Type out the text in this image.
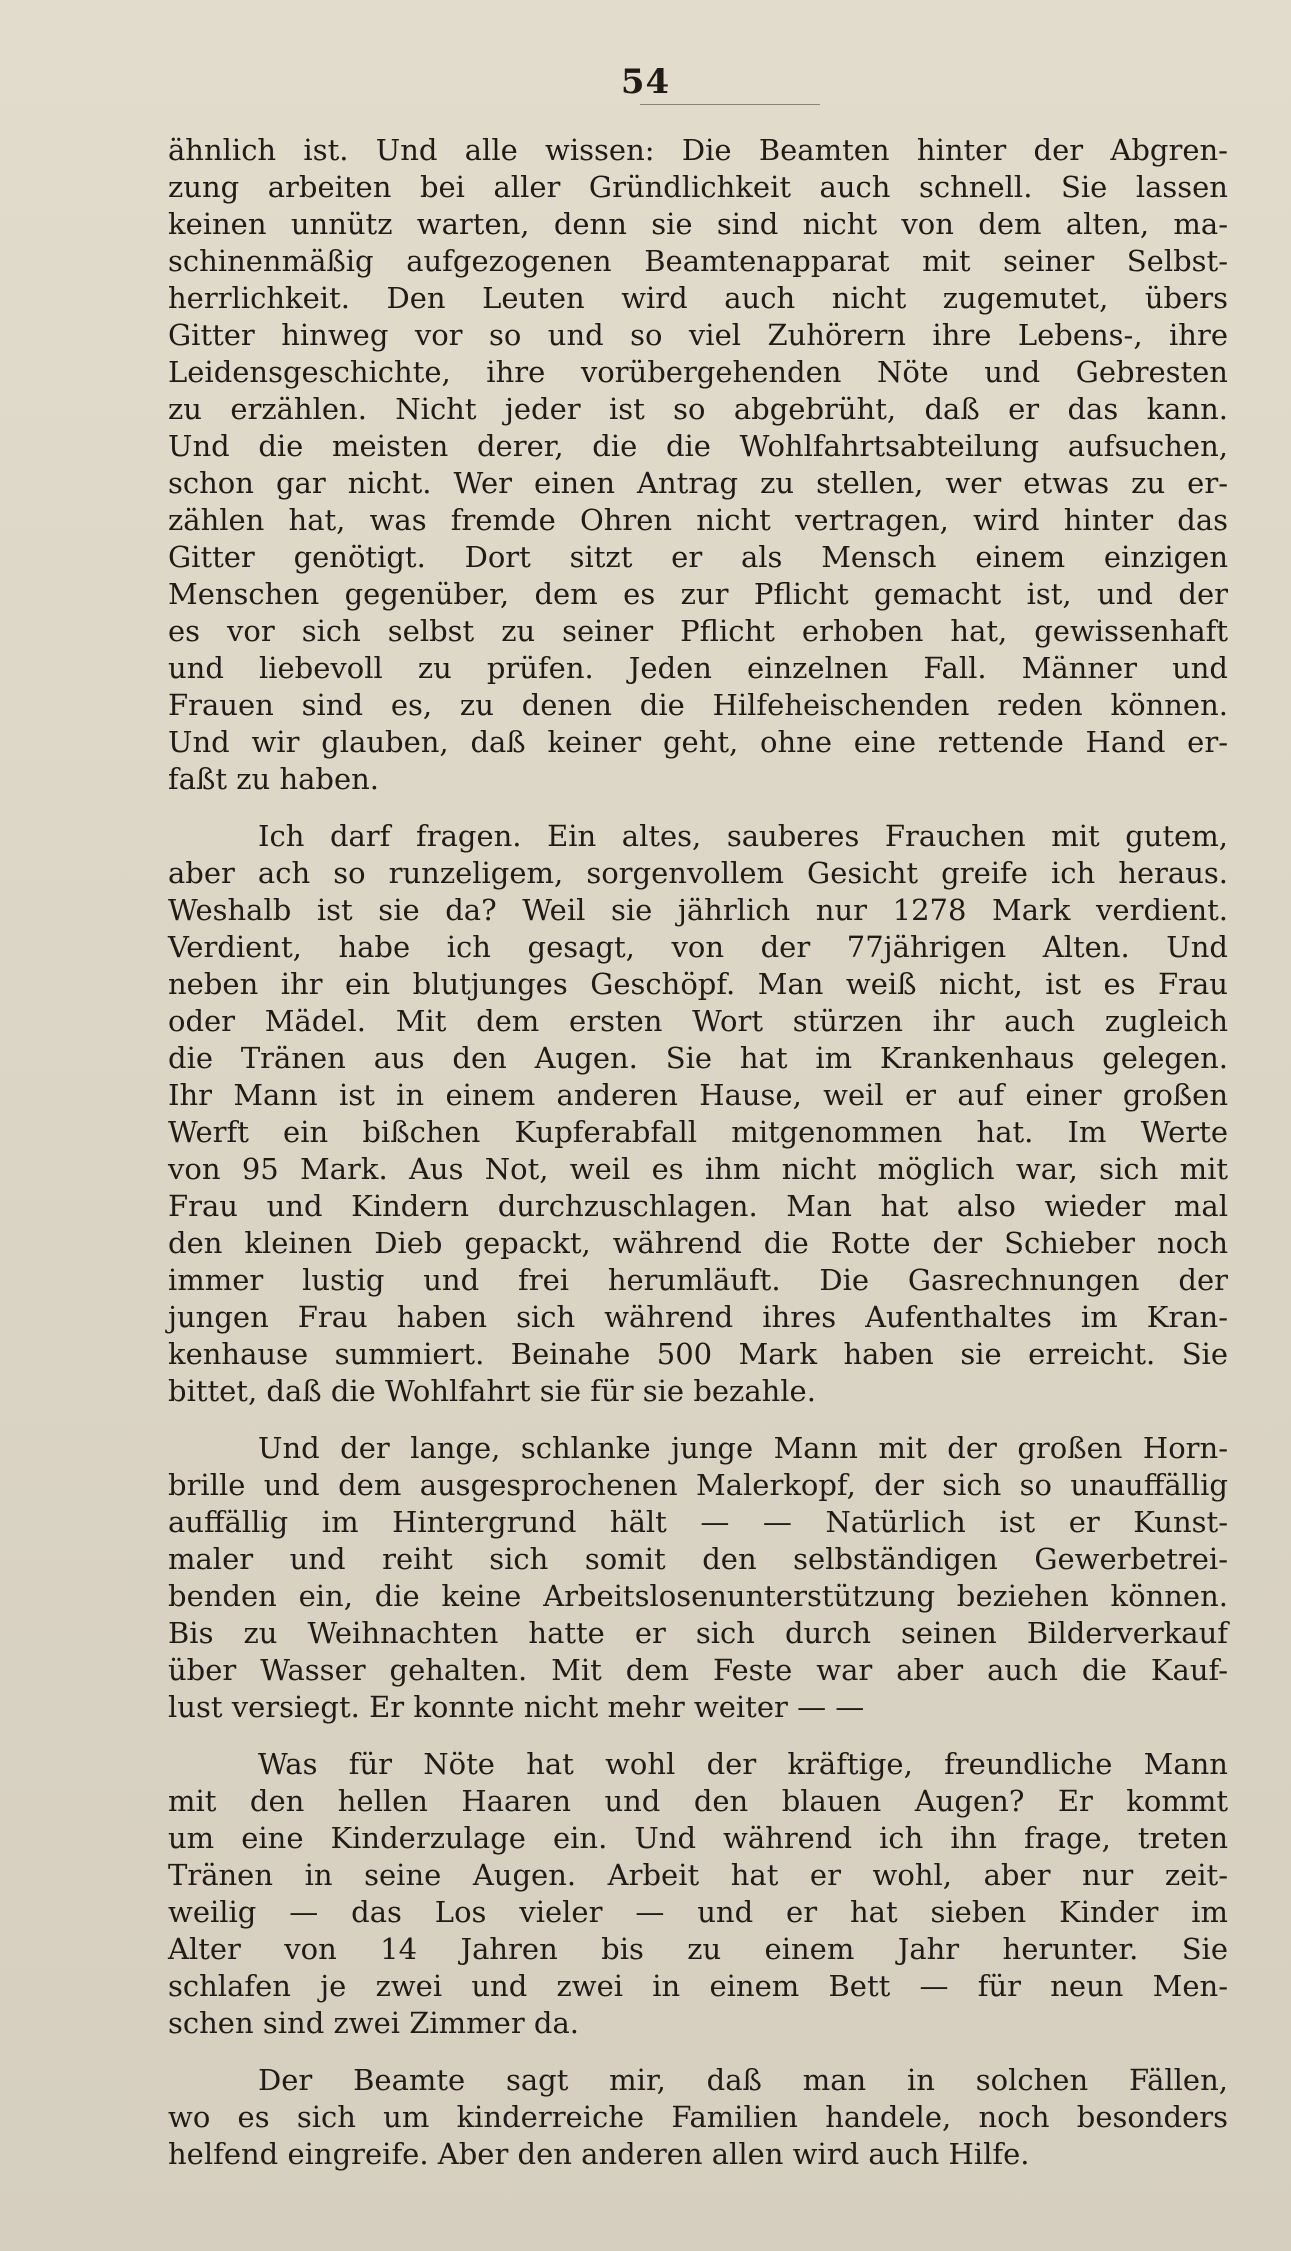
54
ähnlich ist. Und alle wissen: Die Beamten hinter der Abgren-
zung arbeiten bei aller Gründlichkeit auch schnell. Sie lassen
keinen unnütz warten, denn sie sind nicht von dem alten, ma-
schinenmäßig aufgezogenen Beamtenapparat mit seiner Selbst-
herrlichkeit. Den Leuten wird auch nicht zugemutet, übers
Gitter hinweg vor so und so viel Zuhörern ihre Lebens-, ihre
Leidensgeschichte, ihre vorübergehenden Nöte und Gebresten
zu erzählen. Nicht jeder ist so abgebrüht, daß er das kann.
Und die meisten derer, die die Wohlfahrtsabteilung aufsuchen,
schon gar nicht. Wer einen Antrag zu stellen, wer etwas zu er-
zählen hat, was fremde Ohren nicht vertragen, wird hinter das
Gitter genötigt. Dort sitzt er als Mensch einem einzigen
Menschen gegenüber, dem es zur Pflicht gemacht ist, und der
es vor sich selbst zu seiner Pflicht erhoben hat, gewissenhaft
und liebevoll zu prüfen. Jeden einzelnen Fall. Männer und
Frauen sind es, zu denen die Hilfeheischenden reden können.
Und wir glauben, daß keiner geht, ohne eine rettende Hand er-
faßt zu haben.
Ich darf fragen. Ein altes, sauberes Frauchen mit gutem,
aber ach so runzeligem, sorgenvollem Gesicht greife ich heraus.
Weshalb ist sie da? Weil sie jährlich nur 1278 Mark verdient.
Verdient, habe ich gesagt, von der 77jährigen Alten. Und
neben ihr ein blutjunges Geschöpf. Man weiß nicht, ist es Frau
oder Mädel. Mit dem ersten Wort stürzen ihr auch zugleich
die Tränen aus den Augen. Sie hat im Krankenhaus gelegen.
Ihr Mann ist in einem anderen Hause, weil er auf einer großen
Werft ein bißchen Kupferabfall mitgenommen hat. Im Werte
von 95 Mark. Aus Not, weil es ihm nicht möglich war, sich mit
Frau und Kindern durchzuschlagen. Man hat also wieder mal
den kleinen Dieb gepackt, während die Rotte der Schieber noch
immer lustig und frei herumläuft. Die Gasrechnungen der
jungen Frau haben sich während ihres Aufenthaltes im Kran-
kenhause summiert. Beinahe 500 Mark haben sie erreicht. Sie
bittet, daß die Wohlfahrt sie für sie bezahle.
Und der lange, schlanke junge Mann mit der großen Horn-
brille und dem ausgesprochenen Malerkopf, der sich so unauffällig
auffällig im Hintergrund hält — — Natürlich ist er Kunst-
maler und reiht sich somit den selbständigen Gewerbetrei-
benden ein, die keine Arbeitslosenunterstützung beziehen können.
Bis zu Weihnachten hatte er sich durch seinen Bilderverkauf
über Wasser gehalten. Mit dem Feste war aber auch die Kauf-
lust versiegt. Er konnte nicht mehr weiter — —
Was für Nöte hat wohl der kräftige, freundliche Mann
mit den hellen Haaren und den blauen Augen? Er kommt
um eine Kinderzulage ein. Und während ich ihn frage, treten
Tränen in seine Augen. Arbeit hat er wohl, aber nur zeit-
weilig — das Los vieler — und er hat sieben Kinder im
Alter von 14 Jahren bis zu einem Jahr herunter. Sie
schlafen je zwei und zwei in einem Bett — für neun Men-
schen sind zwei Zimmer da.
Der Beamte sagt mir, daß man in solchen Fällen,
wo es sich um kinderreiche Familien handele, noch besonders
helfend eingreife. Aber den anderen allen wird auch Hilfe.
